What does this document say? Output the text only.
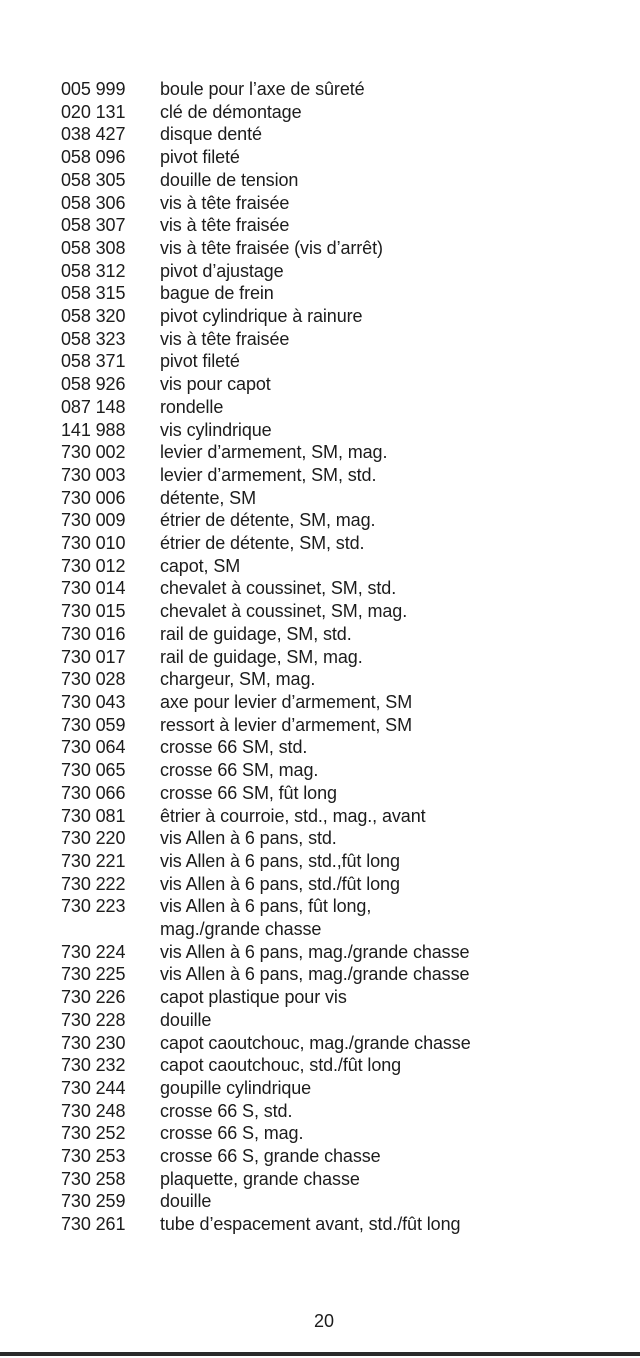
005 999	boule pour l’axe de sûreté
020 131	clé de démontage
038 427	disque denté
058 096	pivot fileté
058 305	douille de tension
058 306	vis à tête fraisée
058 307	vis à tête fraisée
058 308	vis à tête fraisée (vis d’arrêt)
058 312	pivot d’ajustage
058 315	bague de frein
058 320	pivot cylindrique à rainure
058 323	vis à tête fraisée
058 371	pivot fileté
058 926	vis pour capot
087 148	rondelle
141 988	vis cylindrique
730 002	levier d’armement, SM, mag.
730 003	levier d’armement, SM, std.
730 006	détente, SM
730 009	étrier de détente, SM, mag.
730 010	étrier de détente, SM, std.
730 012	capot, SM
730 014	chevalet à coussinet, SM, std.
730 015	chevalet à coussinet, SM, mag.
730 016	rail de guidage, SM, std.
730 017	rail de guidage, SM, mag.
730 028	chargeur, SM, mag.
730 043	axe pour levier d’armement, SM
730 059	ressort à levier d’armement, SM
730 064	crosse 66 SM, std.
730 065	crosse 66 SM, mag.
730 066	crosse 66 SM, fût long
730 081	êtrier à courroie, std., mag., avant
730 220	vis Allen à 6 pans, std.
730 221	vis Allen à 6 pans, std.,fût long
730 222	vis Allen à 6 pans, std./fût long
730 223	vis Allen à 6 pans, fût long,
mag./grande chasse
730 224	vis Allen à 6 pans, mag./grande chasse
730 225	vis Allen à 6 pans, mag./grande chasse
730 226	capot plastique pour vis
730 228	douille
730 230	capot caoutchouc, mag./grande chasse
730 232	capot caoutchouc, std./fût long
730 244	goupille cylindrique
730 248	crosse 66 S, std.
730 252	crosse 66 S, mag.
730 253	crosse 66 S, grande chasse
730 258	plaquette, grande chasse
730 259	douille
730 261	tube d’espacement avant, std./fût long
20
